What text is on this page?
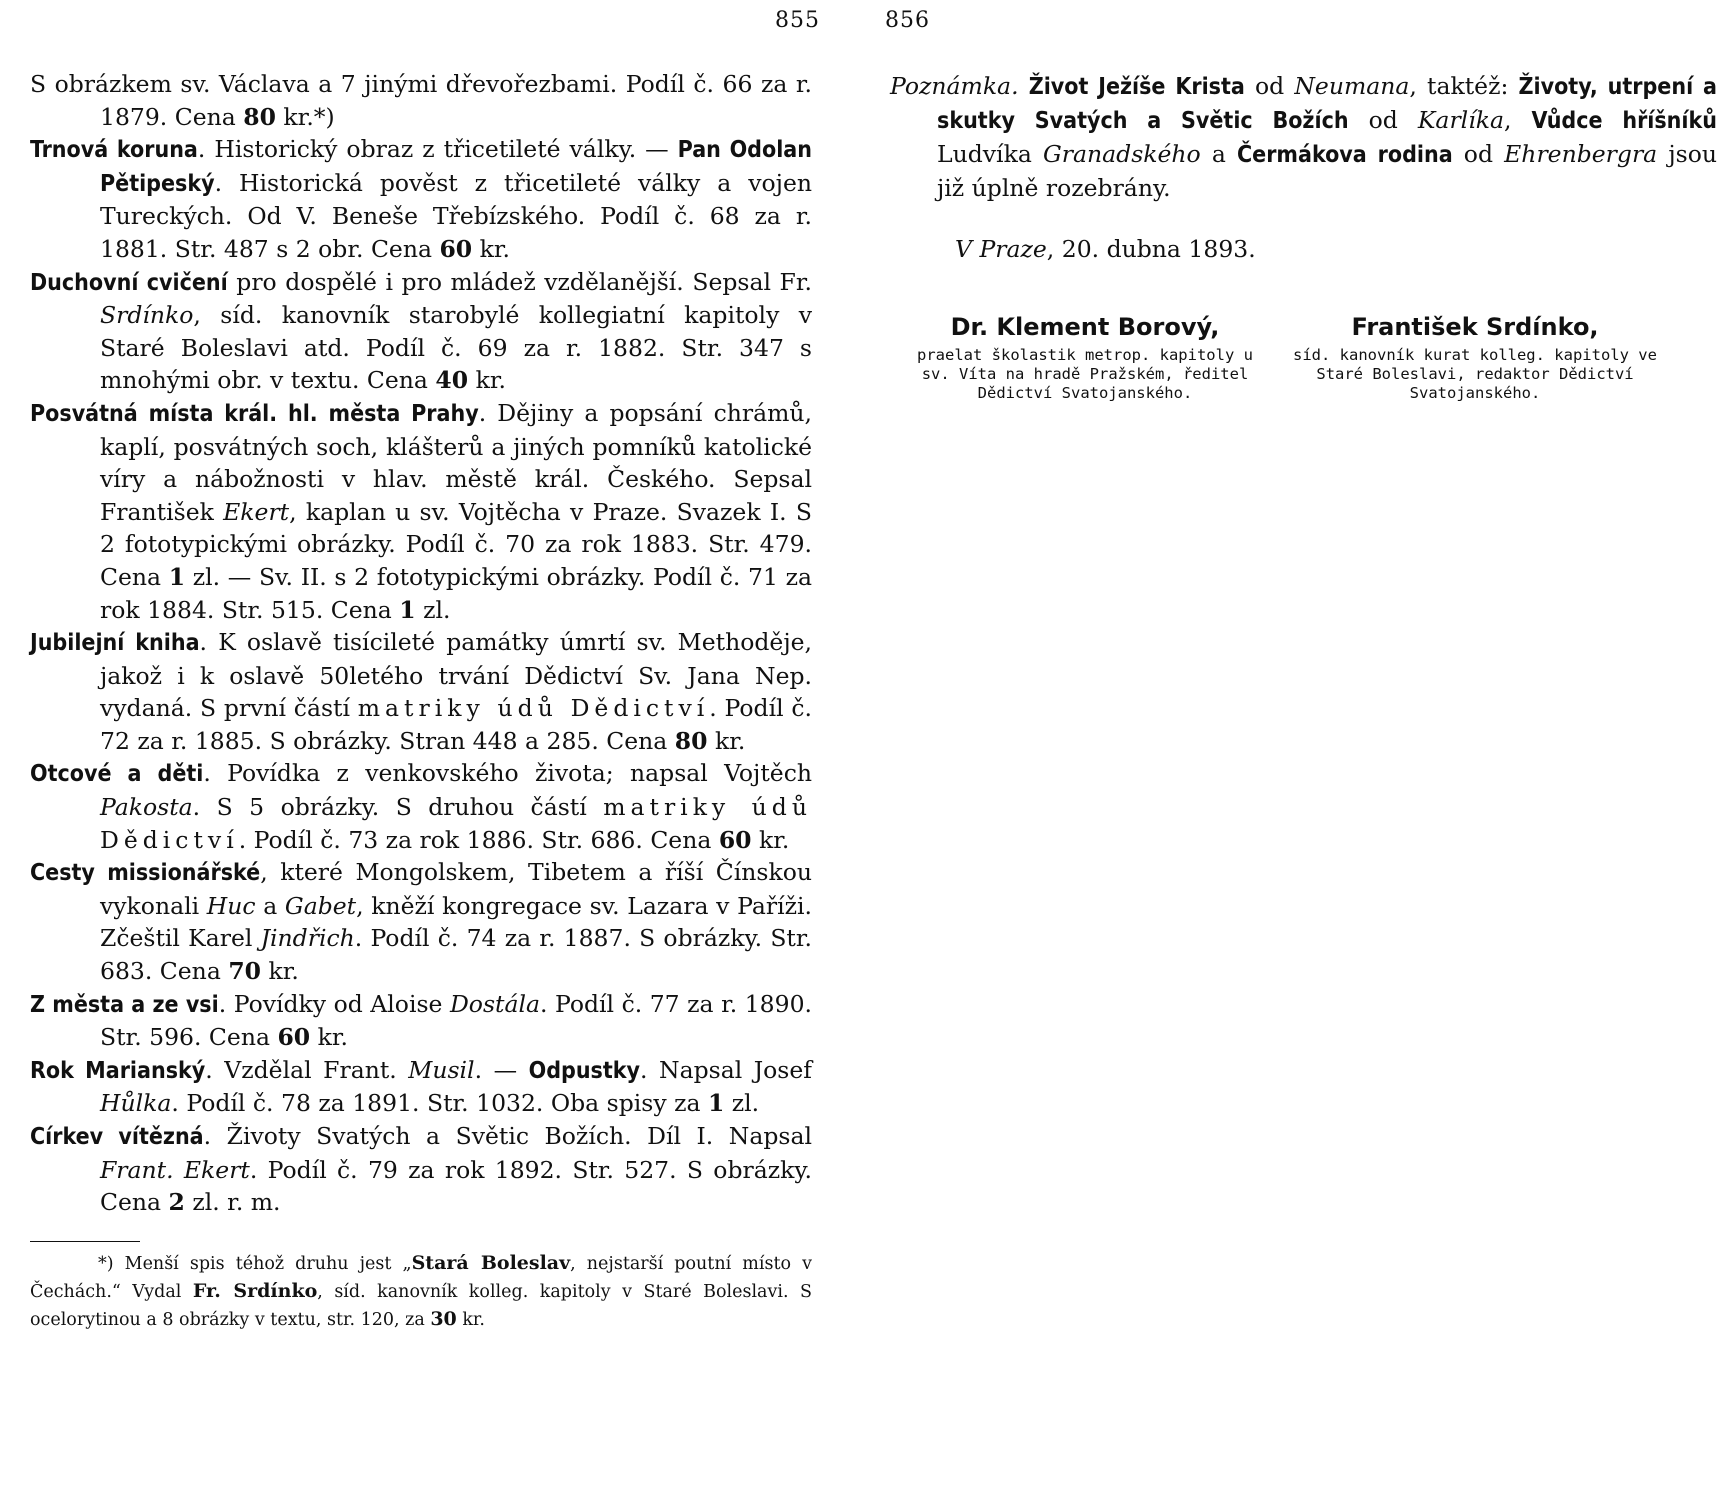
855
S obrázkem sv. Václava a 7 jinými dřevořezbami. Podíl č. 66 za r. 1879. Cena 80 kr.*)
Trnová koruna. Historický obraz z třicetileté války. — Pan Odolan Pětipeský. Historická pověst z třicetileté války a vojen Tureckých. Od V. Beneše Třebízského. Podíl č. 68 za r. 1881. Str. 487 s 2 obr. Cena 60 kr.
Duchovní cvičení pro dospělé i pro mládež vzdělanější. Sepsal Fr. Srdínko, síd. kanovník starobylé kollegiatní kapitoly v Staré Boleslavi atd. Podíl č. 69 za r. 1882. Str. 347 s mnohými obr. v textu. Cena 40 kr.
Posvátná místa král. hl. města Prahy. Dějiny a popsání chrámů, kaplí, posvátných soch, klášterů a jiných pomníků katolické víry a nábožnosti v hlav. městě král. Českého. Sepsal František Ekert, kaplan u sv. Vojtěcha v Praze. Svazek I. S 2 fototypickými obrázky. Podíl č. 70 za rok 1883. Str. 479. Cena 1 zl. — Sv. II. s 2 fototypickými obrázky. Podíl č. 71 za rok 1884. Str. 515. Cena 1 zl.
Jubilejní kniha. K oslavě tisícileté památky úmrtí sv. Methoděje, jakož i k oslavě 50letého trvání Dědictví Sv. Jana Nep. vydaná. S první částí matriky údů Dědictví. Podíl č. 72 za r. 1885. S obrázky. Stran 448 a 285. Cena 80 kr.
Otcové a děti. Povídka z venkovského života; napsal Vojtěch Pakosta. S 5 obrázky. S druhou částí matriky údů Dědictví. Podíl č. 73 za rok 1886. Str. 686. Cena 60 kr.
Cesty missionářské, které Mongolskem, Tibetem a říší Čínskou vykonali Huc a Gabet, kněží kongregace sv. Lazara v Paříži. Zčeštil Karel Jindřich. Podíl č. 74 za r. 1887. S obrázky. Str. 683. Cena 70 kr.
Z města a ze vsi. Povídky od Aloise Dostála. Podíl č. 77 za r. 1890. Str. 596. Cena 60 kr.
Rok Marianský. Vzdělal Frant. Musil. — Odpustky. Napsal Josef Hůlka. Podíl č. 78 za 1891. Str. 1032. Oba spisy za 1 zl.
Církev vítězná. Životy Svatých a Světic Božích. Díl I. Napsal Frant. Ekert. Podíl č. 79 za rok 1892. Str. 527. S obrázky. Cena 2 zl. r. m.
*) Menší spis téhož druhu jest „Stará Boleslav, nejstarší poutní místo v Čechách.“ Vydal Fr. Srdínko, síd. kanovník kolleg. kapitoly v Staré Boleslavi. S ocelorytinou a 8 obrázky v textu, str. 120, za 30 kr.
856
Poznámka. Život Ježíše Krista od Neumana, taktéž: Životy, utrpení a skutky Svatých a Světic Božích od Karlíka, Vůdce hříšníků Ludvíka Granadského a Čermákova rodina od Ehrenbergra jsou již úplně rozebrány.
V Praze, 20. dubna 1893.
Dr. Klement Borový,
praelat školastik metrop. kapitoly u sv. Víta na hradě Pražském, ředitel Dědictví Svatojanského.
František Srdínko,
síd. kanovník kurat kolleg. kapitoly ve Staré Boleslavi, redaktor Dědictví Svatojanského.
